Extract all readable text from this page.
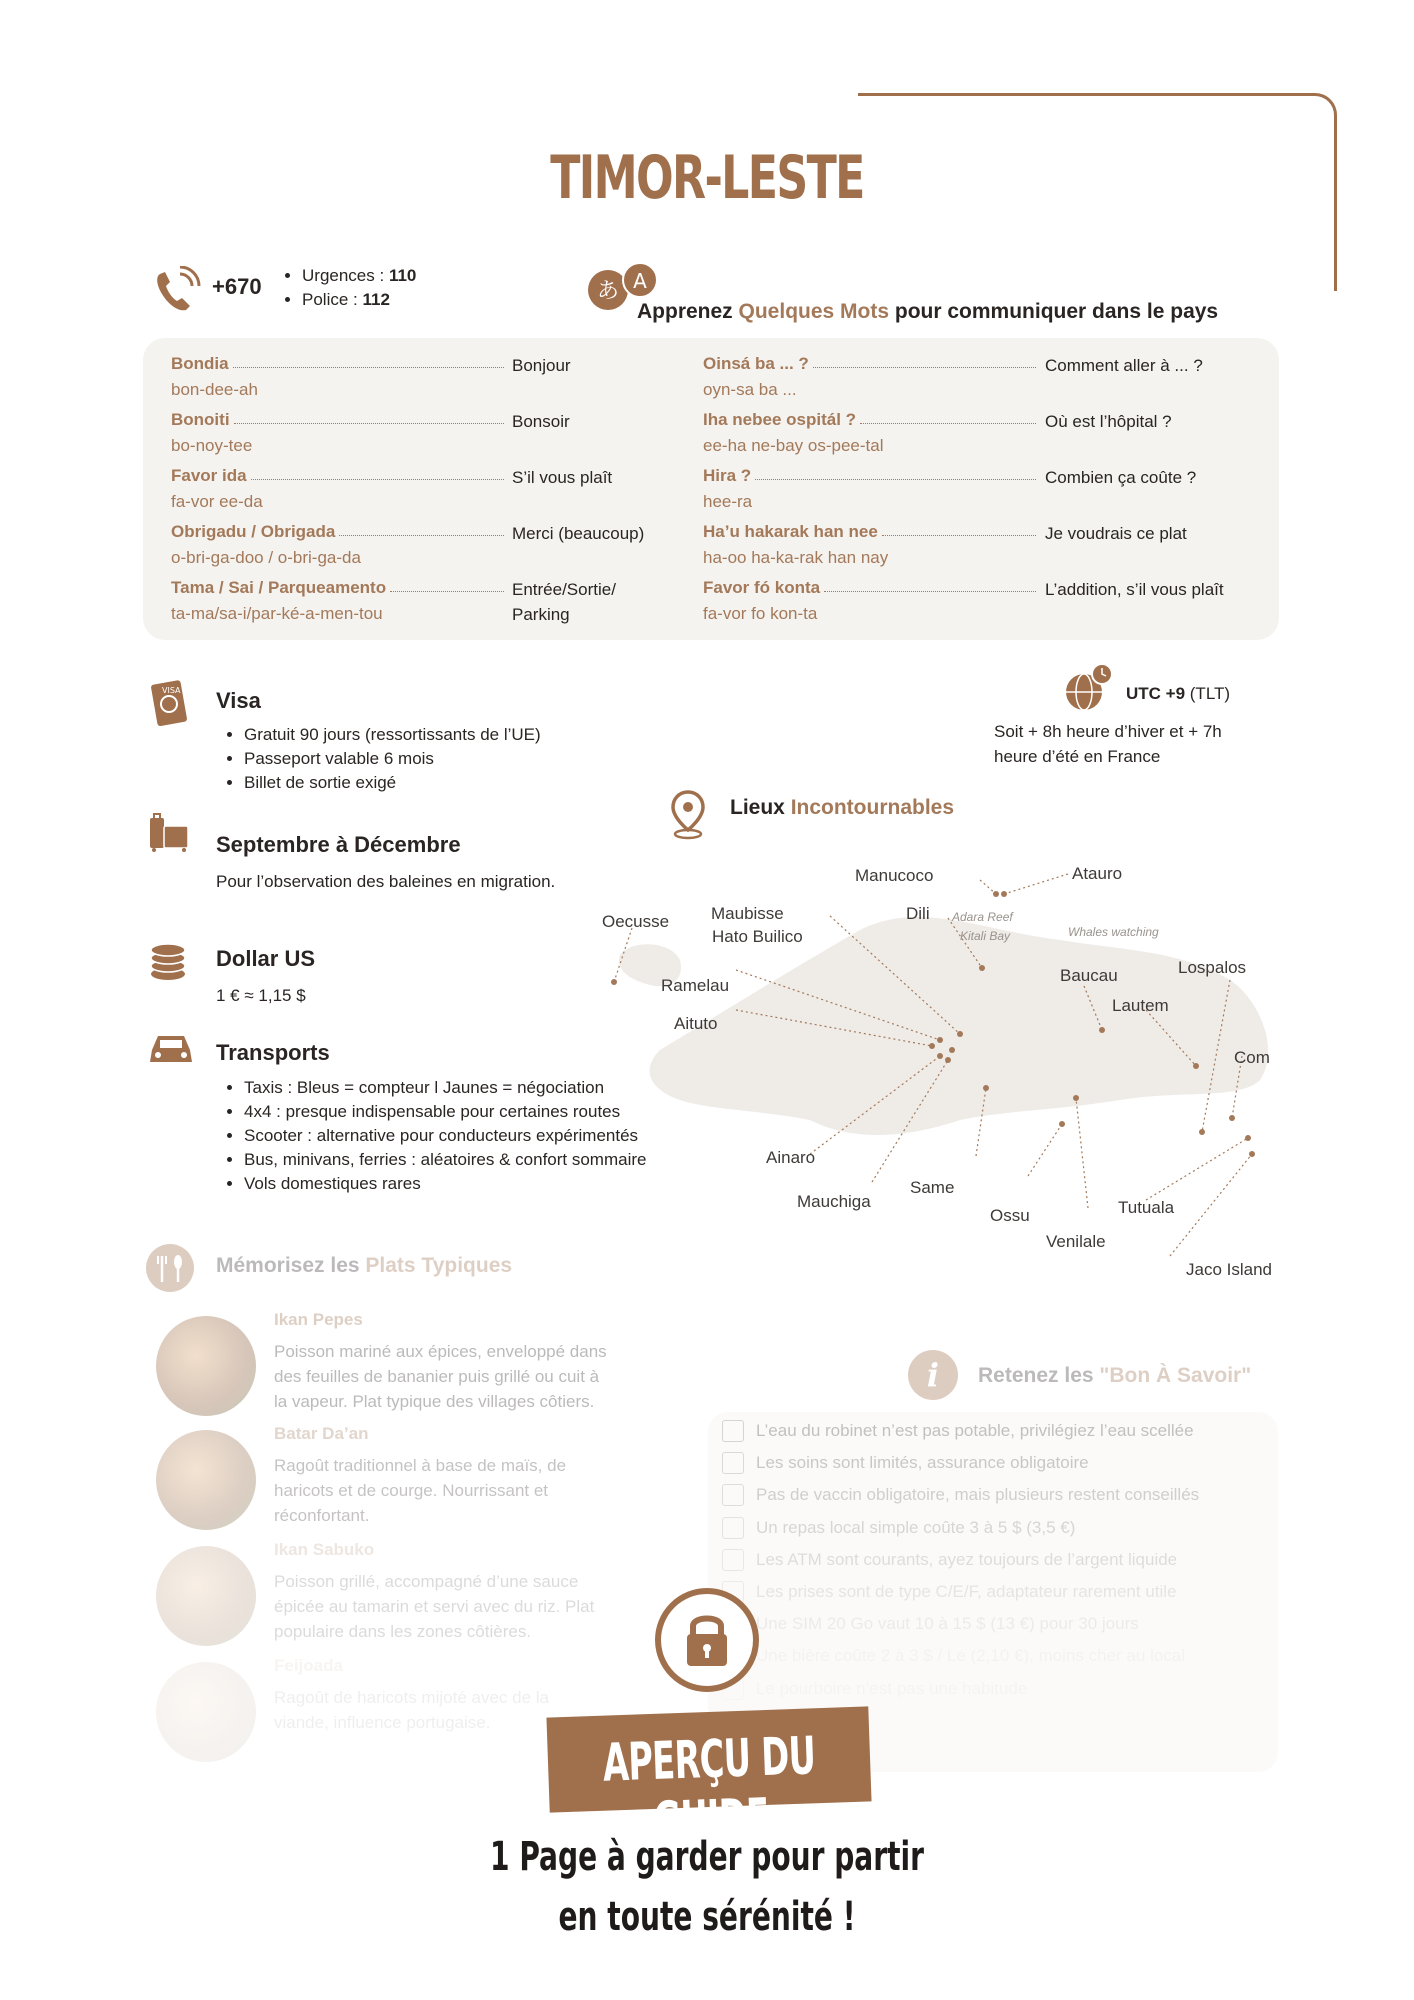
TIMOR-LESTE
+670
• Urgences : 110
• Police : 112	あ A
Apprenez Quelques Mots pour communiquer dans le pays
Bondia
bon-dee-ah
Bonjour
Bonoiti
bo-noy-tee
Bonsoir
Favor ida
fa-vor ee-da
S’il vous plaît
Obrigadu / Obrigada
o-bri-ga-doo / o-bri-ga-da
Merci (beaucoup)
Tama / Sai / Parqueamento
ta-ma/sa-i/par-ké-a-men-tou
Entrée/Sortie/
Parking
Oinsá ba ... ?
oyn-sa ba ...
Comment aller à ... ?
Iha nebee ospitál ?
ee-ha ne-bay os-pee-tal
Où est l’hôpital ?
Hira ?
hee-ra
Combien ça coûte ?
Ha’u hakarak han nee
ha-oo ha-ka-rak han nay
Je voudrais ce plat
Favor fó konta
fa-vor fo kon-ta
L’addition, s’il vous plaît
VISA Visa
• Gratuit 90 jours (ressortissants de l’UE)
• Passeport valable 6 mois
• Billet de sortie exigé
Septembre à Décembre
Pour l’observation des baleines en migration.
Dollar US
1 € ≈ 1,15 $
Transports
• Taxis : Bleus = compteur l Jaunes = négociation
• 4x4 : presque indispensable pour certaines routes
• Scooter : alternative pour conducteurs expérimentés
• Bus, minivans, ferries : aléatoires & confort sommaire
• Vols domestiques rares
UTC +9 (TLT)
Soit + 8h heure d’hiver et + 7h
heure d’été en France
Lieux Incontournables
Manucoco	Atauro
Oecusse Maubisse
Hato Builico
Dili Adara Reef
Kitali Bay	Whales watching
Ramelau
Aituto
Baucau	Lospalos
Lautem
Com
Ainaro
Same
Mauchiga
Ossu
Venilale
Tutuala
Jaco Island
Mémorisez les Plats Typiques
Ikan Pepes
Poisson mariné aux épices, enveloppé dans
des feuilles de bananier puis grillé ou cuit à
la vapeur. Plat typique des villages côtiers.
Batar Da’an
Ragoût traditionnel à base de maïs, de
haricots et de courge. Nourrissant et
réconfortant.
Ikan Sabuko
Poisson grillé, accompagné d’une sauce
épicée au tamarin et servi avec du riz. Plat
populaire dans les zones côtières.
Feijoada
Ragoût de haricots mijoté avec de la
viande, influence portugaise.
i	Retenez les "Bon À Savoir"
L’eau du robinet n’est pas potable, privilégiez l’eau scellée
Les soins sont limités, assurance obligatoire
Pas de vaccin obligatoire, mais plusieurs restent conseillés
Un repas local simple coûte 3 à 5 $ (3,5 €)
Les ATM sont courants, ayez toujours de l’argent liquide
Les prises sont de type C/E/F, adaptateur rarement utile
Une SIM 20 Go vaut 10 à 15 $ (13 €) pour 30 jours
Une bière coûte 2 à 3 $ / Le (2,10 €), moins cher au local
APERÇU DU GUIDE
1 Page à garder pour partir
en toute sérénité !
